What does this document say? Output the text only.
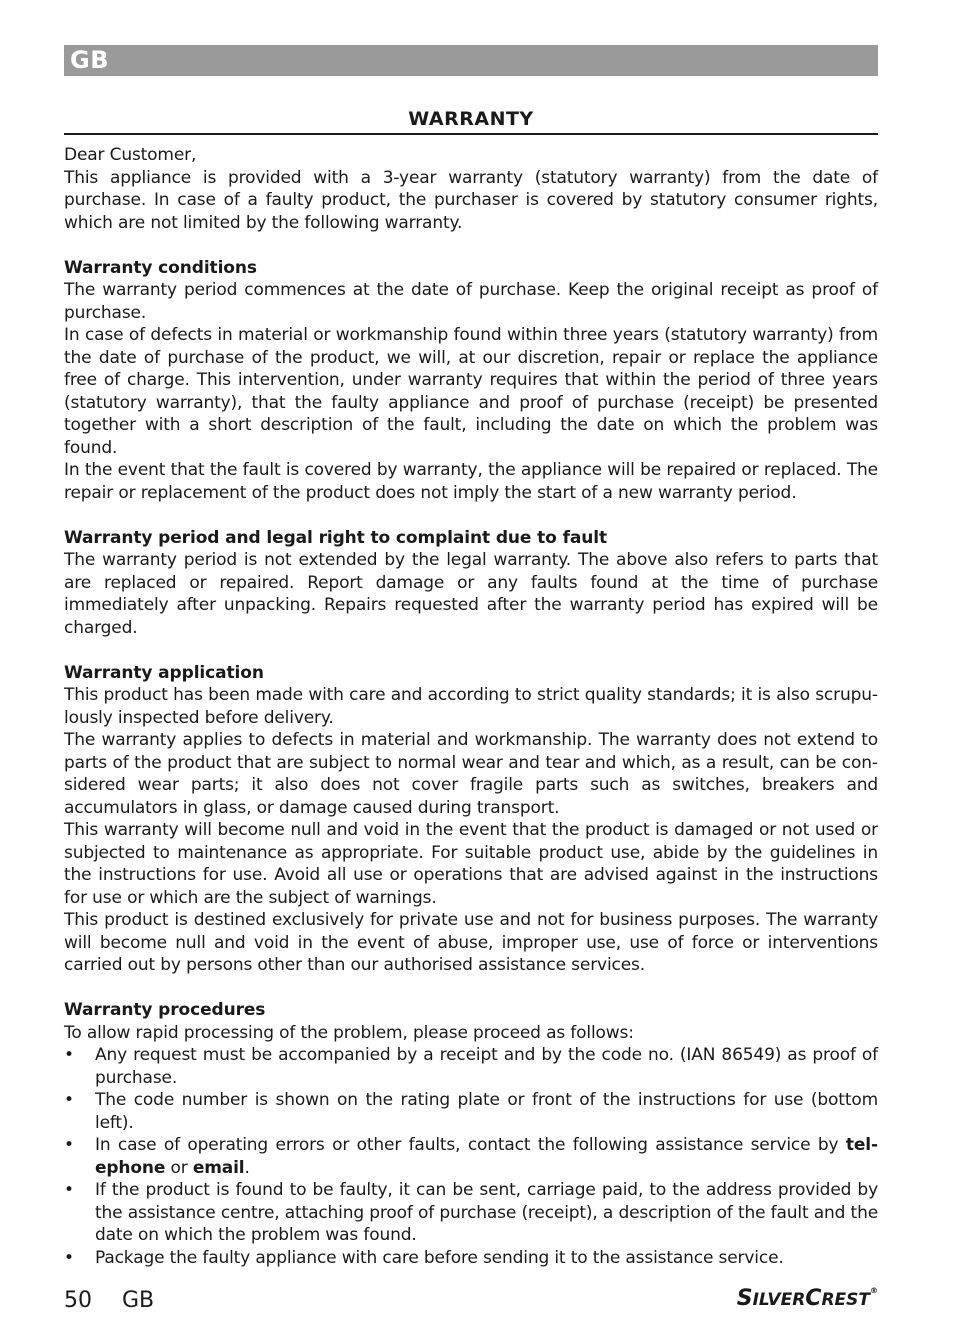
GB
WARRANTY

Dear Customer,

This appliance is provided with a 3-year warranty (statutory warranty) from the date of purchase. In case of a faulty product, the purchaser is covered by statutory consumer rights, which are not limited by the following warranty.

Warranty conditions

The warranty period commences at the date of purchase. Keep the original receipt as proof of purchase.

In case of defects in material or workmanship found within three years (statutory warranty) from the date of purchase of the product, we will, at our discretion, repair or replace the appliance free of charge. This intervention, under warranty requires that within the period of three years (statutory warranty), that the faulty appliance and proof of purchase (receipt) be presented together with a short description of the fault, including the date on which the problem was found.

In the event that the fault is covered by warranty, the appliance will be repaired or replaced. The repair or replacement of the product does not imply the start of a new warranty period.

Warranty period and legal right to complaint due to fault

The warranty period is not extended by the legal warranty. The above also refers to parts that are replaced or repaired. Report damage or any faults found at the time of purchase immediately after unpacking. Repairs requested after the warranty period has expired will be charged.

Warranty application

This product has been made with care and according to strict quality standards; it is also scrupulously inspected before delivery.

The warranty applies to defects in material and workmanship. The warranty does not extend to parts of the product that are subject to normal wear and tear and which, as a result, can be considered wear parts; it also does not cover fragile parts such as switches, breakers and accumulators in glass, or damage caused during transport.

This warranty will become null and void in the event that the product is damaged or not used or subjected to maintenance as appropriate. For suitable product use, abide by the guidelines in the instructions for use. Avoid all use or operations that are advised against in the instructions for use or which are the subject of warnings.

This product is destined exclusively for private use and not for business purposes. The warranty will become null and void in the event of abuse, improper use, use of force or interventions carried out by persons other than our authorised assistance services.

Warranty procedures

To allow rapid processing of the problem, please proceed as follows:

• Any request must be accompanied by a receipt and by the code no. (IAN 86549) as proof of purchase.
• The code number is shown on the rating plate or front of the instructions for use (bottom left).
• In case of operating errors or other faults, contact the following assistance service by telephone or email.
• If the product is found to be faulty, it can be sent, carriage paid, to the address provided by the assistance centre, attaching proof of purchase (receipt), a description of the fault and the date on which the problem was found.
• Package the faulty appliance with care before sending it to the assistance service.
50 GB	SILVERCREST®
